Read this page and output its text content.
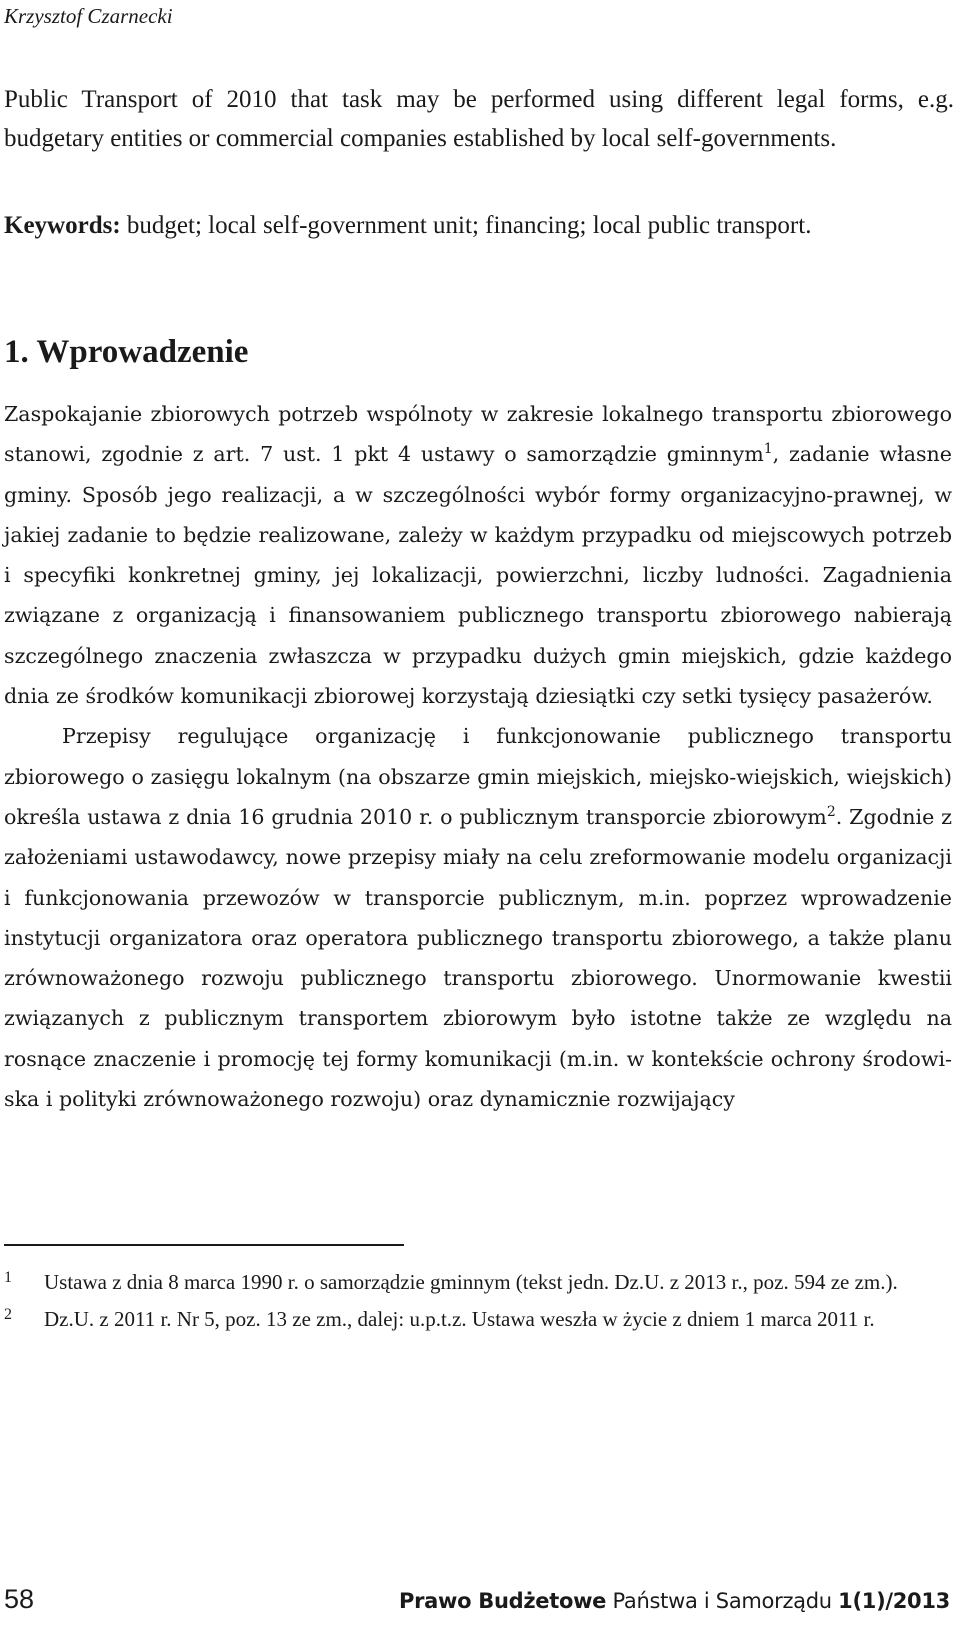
Krzysztof Czarnecki

Public Transport of 2010 that task may be performed using different legal forms, e.g. budgetary entities or commercial companies established by local self-governments.

Keywords: budget; local self-government unit; financing; local public transport.
1. Wprowadzenie

Zaspokajanie zbiorowych potrzeb wspólnoty w zakresie lokalnego transportu zbiorowego stanowi, zgodnie z art. 7 ust. 1 pkt 4 ustawy o samorządzie gminnym$^1$, zadanie własne gminy. Sposób jego realizacji, a w szczególności wybór formy organizacyjno-prawnej, w jakiej zadanie to będzie realizowane, zależy w każdym przypadku od miejscowych potrzeb i specyfiki konkretnej gminy, jej lokalizacji, powierzchni, liczby ludności. Zagadnienia związane z organizacją i finansowaniem publicznego transportu zbiorowego nabierają szczególnego znaczenia zwłaszcza w przypadku dużych gmin miejskich, gdzie każdego dnia ze środków komunikacji zbiorowej korzystają dziesiątki czy setki tysięcy pasażerów.

Przepisy regulujące organizację i funkcjonowanie publicznego transportu zbiorowego o zasięgu lokalnym (na obszarze gmin miejskich, miejsko-wiejskich, wiejskich) określa ustawa z dnia 16 grudnia 2010 r. o publicznym transporcie zbiorowym$^2$. Zgodnie z założeniami ustawodawcy, nowe przepisy miały na celu zreformowanie modelu organizacji i funkcjonowania przewozów w transporcie publicznym, m.in. poprzez wprowadzenie instytucji organizatora oraz operatora publicznego transportu zbiorowego, a także planu zrównoważonego rozwoju publicznego transportu zbiorowego. Unormowanie kwestii związanych z publicznym transportem zbiorowym było istotne także ze względu na rosnące znaczenie i promocję tej formy komunikacji (m.in. w kontekście ochrony środowiska i polityki zrównoważonego rozwoju) oraz dynamicznie rozwijający

1	Ustawa z dnia 8 marca 1990 r. o samorządzie gminnym (tekst jedn. Dz.U. z 2013 r., poz. 594 ze zm.).
2	Dz.U. z 2011 r. Nr 5, poz. 13 ze zm., dalej: u.p.t.z. Ustawa weszła w życie z dniem 1 marca 2011 r.
58	Prawo Budżetowe Państwa i Samorządu 1(1)/2013
